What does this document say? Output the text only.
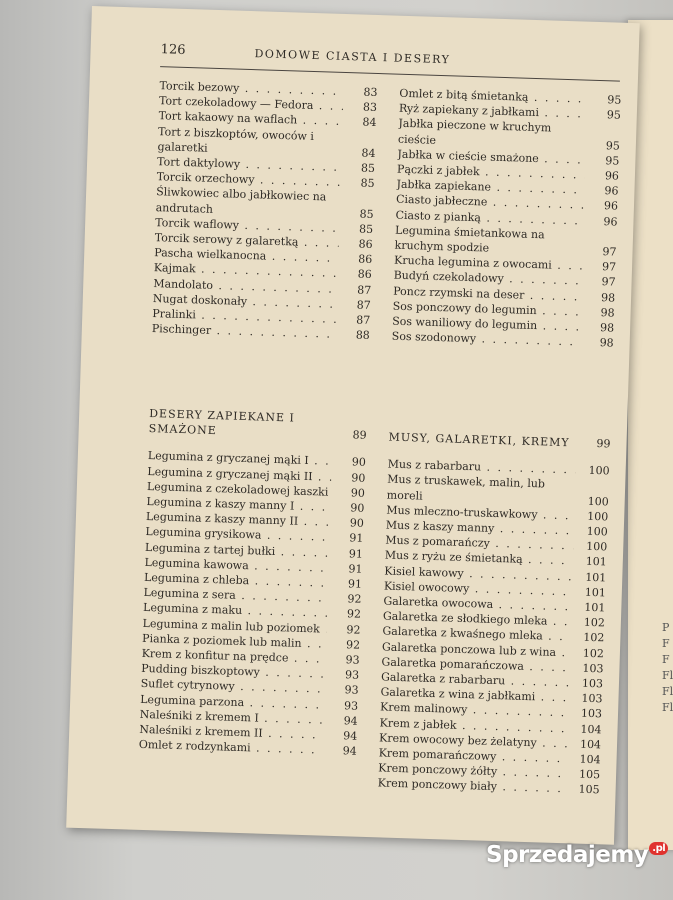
P
F
F
Fl
Fl
Fl
126	DOMOWE CIASTA I DESERY
Torcik bezowy . . .	83
Tort czekoladowy — Fedora . . .	83
Tort kakaowy na waflach . . .	84
Tort z biszkoptów, owoców i galaretki	84
Tort daktylowy . . .	85
Torcik orzechowy . . .	85
Śliwkowiec albo jabłkowiec na andrutach	85
Torcik waflowy . . .	85
Torcik serowy z galaretką . . .	86
Pascha wielkanocna . . .	86
Kajmak . . .	86
Mandolato . . .	87
Nugat doskonały . . .	87
Pralinki . . .	87
Pischinger . . .	88
Omlet z bitą śmietanką . . .	95
Ryż zapiekany z jabłkami . . .	95
Jabłka pieczone w kruchym cieście	95
Jabłka w cieście smażone . . .	95
Pączki z jabłek . . .	96
Jabłka zapiekane . . .	96
Ciasto jabłeczne . . .	96
Ciasto z pianką . . .	96
Legumina śmietankowa na kruchym spodzie	97
Krucha legumina z owocami . . .	97
Budyń czekoladowy . . .	97
Poncz rzymski na deser . . .	98
Sos ponczowy do legumin . . .	98
Sos waniliowy do legumin . . .	98
Sos szodonowy . . .	98
DESERY ZAPIEKANE I SMAŻONE	89
Legumina z gryczanej mąki I . . .	90
Legumina z gryczanej mąki II . . .	90
Legumina z czekoladowej kaszki . . .	90
Legumina z kaszy manny I . . .	90
Legumina z kaszy manny II . . .	90
Legumina grysikowa . . .	91
Legumina z tartej bułki . . .	91
Legumina kawowa . . .	91
Legumina z chleba . . .	91
Legumina z sera . . .	92
Legumina z maku . . .	92
Legumina z malin lub poziomek . . .	92
Pianka z poziomek lub malin . . .	92
Krem z konfitur na prędce . . .	93
Pudding biszkoptowy . . .	93
Suflet cytrynowy . . .	93
Legumina parzona . . .	93
Naleśniki z kremem I . . .	94
Naleśniki z kremem II . . .	94
Omlet z rodzynkami . . .	94
MUSY, GALARETKI, KREMY	99
Mus z rabarbaru . . .	100
Mus z truskawek, malin, lub moreli	100
Mus mleczno-truskawkowy . . .	100
Mus z kaszy manny . . .	100
Mus z pomarańczy . . .	100
Mus z ryżu ze śmietanką . . .	101
Kisiel kawowy . . .	101
Kisiel owocowy . . .	101
Galaretka owocowa . . .	101
Galaretka ze słodkiego mleka . . .	102
Galaretka z kwaśnego mleka . . .	102
Galaretka ponczowa lub z wina . . .	102
Galaretka pomarańczowa . . .	103
Galaretka z rabarbaru . . .	103
Galaretka z wina z jabłkami . . .	103
Krem malinowy . . .	103
Krem z jabłek . . .	104
Krem owocowy bez żelatyny . . .	104
Krem pomarańczowy . . .	104
Krem ponczowy żółty . . .	105
Krem ponczowy biały . . .	105
Sprzedajemy .pl
